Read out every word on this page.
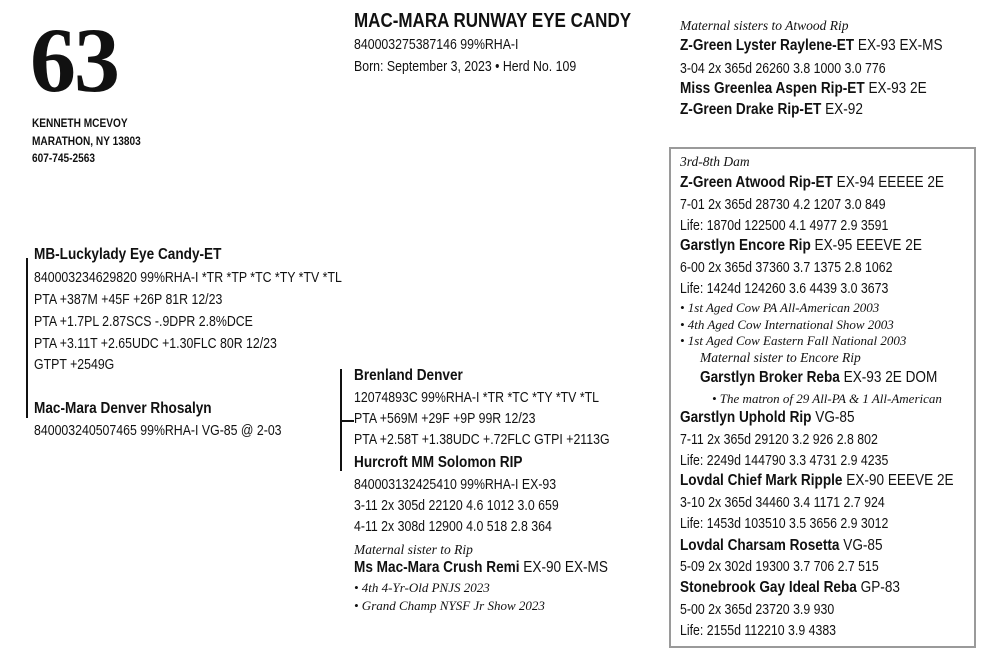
63
KENNETH MCEVOY
MARATHON, NY 13803
607-745-2563
MAC-MARA RUNWAY EYE CANDY
840003275387146 99%RHA-I
Born: September 3, 2023 • Herd No. 109
Maternal sisters to Atwood Rip
Z-Green Lyster Raylene-ET EX-93 EX-MS
3-04 2x 365d 26260 3.8 1000 3.0 776
Miss Greenlea Aspen Rip-ET EX-93 2E
Z-Green Drake Rip-ET EX-92
MB-Luckylady Eye Candy-ET
840003234629820 99%RHA-I *TR *TP *TC *TY *TV *TL
PTA +387M +45F +26P 81R 12/23
PTA +1.7PL 2.87SCS -.9DPR 2.8%DCE
PTA +3.11T +2.65UDC +1.30FLC 80R 12/23
GTPT +2549G
Mac-Mara Denver Rhosalyn
840003240507465 99%RHA-I VG-85 @ 2-03
Brenland Denver
12074893C 99%RHA-I *TR *TC *TY *TV *TL
PTA +569M +29F +9P 99R 12/23
PTA +2.58T +1.38UDC +.72FLC GTPI +2113G
Hurcroft MM Solomon RIP
840003132425410 99%RHA-I EX-93
3-11 2x 305d 22120 4.6 1012 3.0 659
4-11 2x 308d 12900 4.0 518 2.8 364
Maternal sister to Rip
Ms Mac-Mara Crush Remi EX-90 EX-MS
• 4th 4-Yr-Old PNJS 2023
• Grand Champ NYSF Jr Show 2023
3rd-8th Dam
Z-Green Atwood Rip-ET EX-94 EEEEE 2E
7-01 2x 365d 28730 4.2 1207 3.0 849
Life: 1870d 122500 4.1 4977 2.9 3591
Garstlyn Encore Rip EX-95 EEEVE 2E
6-00 2x 365d 37360 3.7 1375 2.8 1062
Life: 1424d 124260 3.6 4439 3.0 3673
• 1st Aged Cow PA All-American 2003
• 4th Aged Cow International Show 2003
• 1st Aged Cow Eastern Fall National 2003
Maternal sister to Encore Rip
Garstlyn Broker Reba EX-93 2E DOM
• The matron of 29 All-PA & 1 All-American
Garstlyn Uphold Rip VG-85
7-11 2x 365d 29120 3.2 926 2.8 802
Life: 2249d 144790 3.3 4731 2.9 4235
Lovdal Chief Mark Ripple EX-90 EEEVE 2E
3-10 2x 365d 34460 3.4 1171 2.7 924
Life: 1453d 103510 3.5 3656 2.9 3012
Lovdal Charsam Rosetta VG-85
5-09 2x 302d 19300 3.7 706 2.7 515
Stonebrook Gay Ideal Reba GP-83
5-00 2x 365d 23720 3.9 930
Life: 2155d 112210 3.9 4383
